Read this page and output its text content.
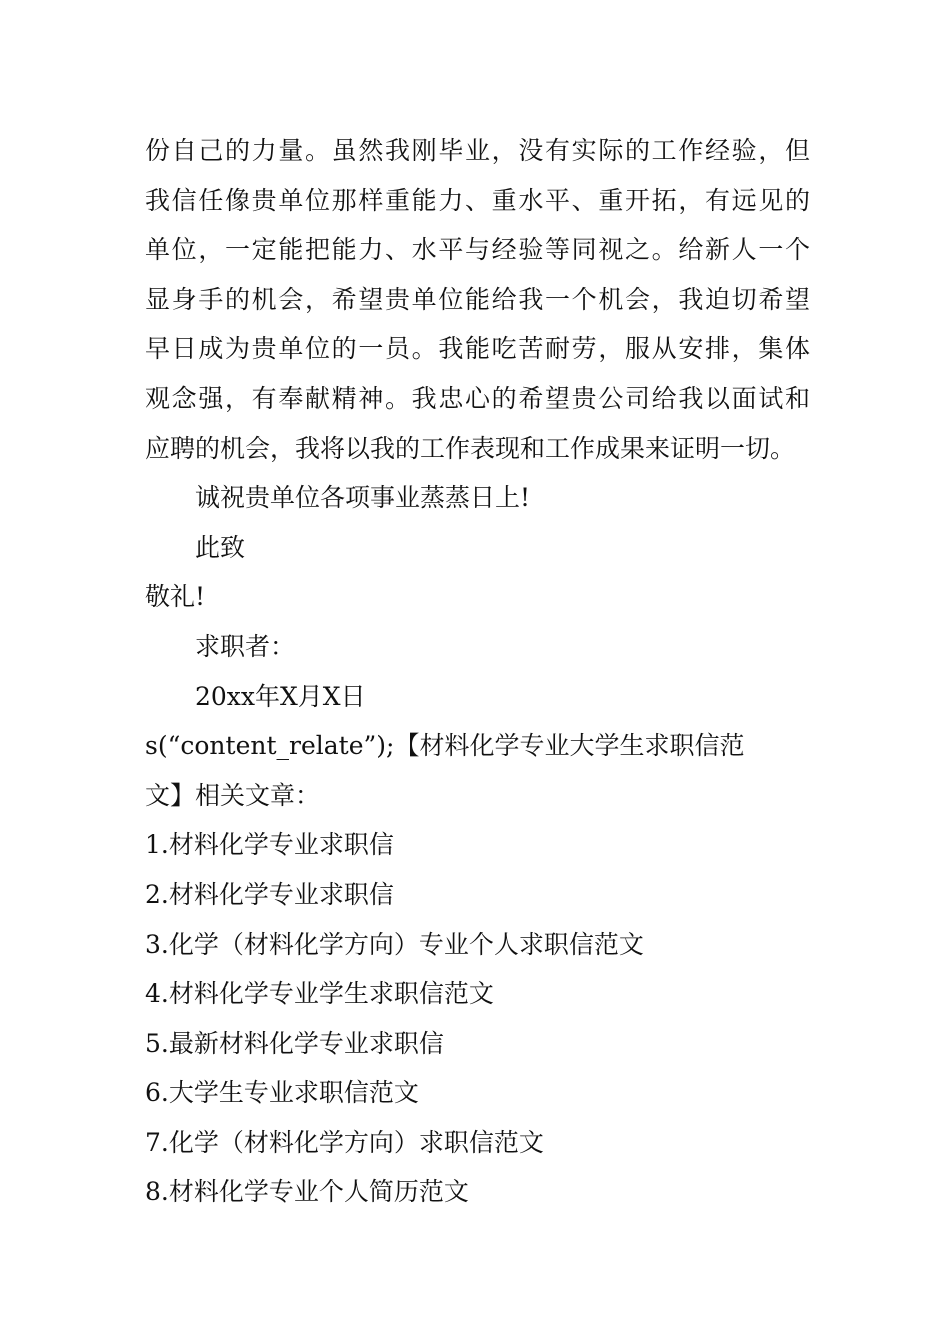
份自己的力量。虽然我刚毕业，没有实际的工作经验，但
我信任像贵单位那样重能力、重水平、重开拓，有远见的
单位，一定能把能力、水平与经验等同视之。给新人一个
显身手的机会，希望贵单位能给我一个机会，我迫切希望
早日成为贵单位的一员。我能吃苦耐劳，服从安排，集体
观念强，有奉献精神。我忠心的希望贵公司给我以面试和
应聘的机会，我将以我的工作表现和工作成果来证明一切。
诚祝贵单位各项事业蒸蒸日上!
此致
敬礼!
求职者：
20xx年X月X日
s(“content_relate”);【材料化学专业大学生求职信范
文】相关文章：
1.材料化学专业求职信
2.材料化学专业求职信
3.化学（材料化学方向）专业个人求职信范文
4.材料化学专业学生求职信范文
5.最新材料化学专业求职信
6.大学生专业求职信范文
7.化学（材料化学方向）求职信范文
8.材料化学专业个人简历范文
